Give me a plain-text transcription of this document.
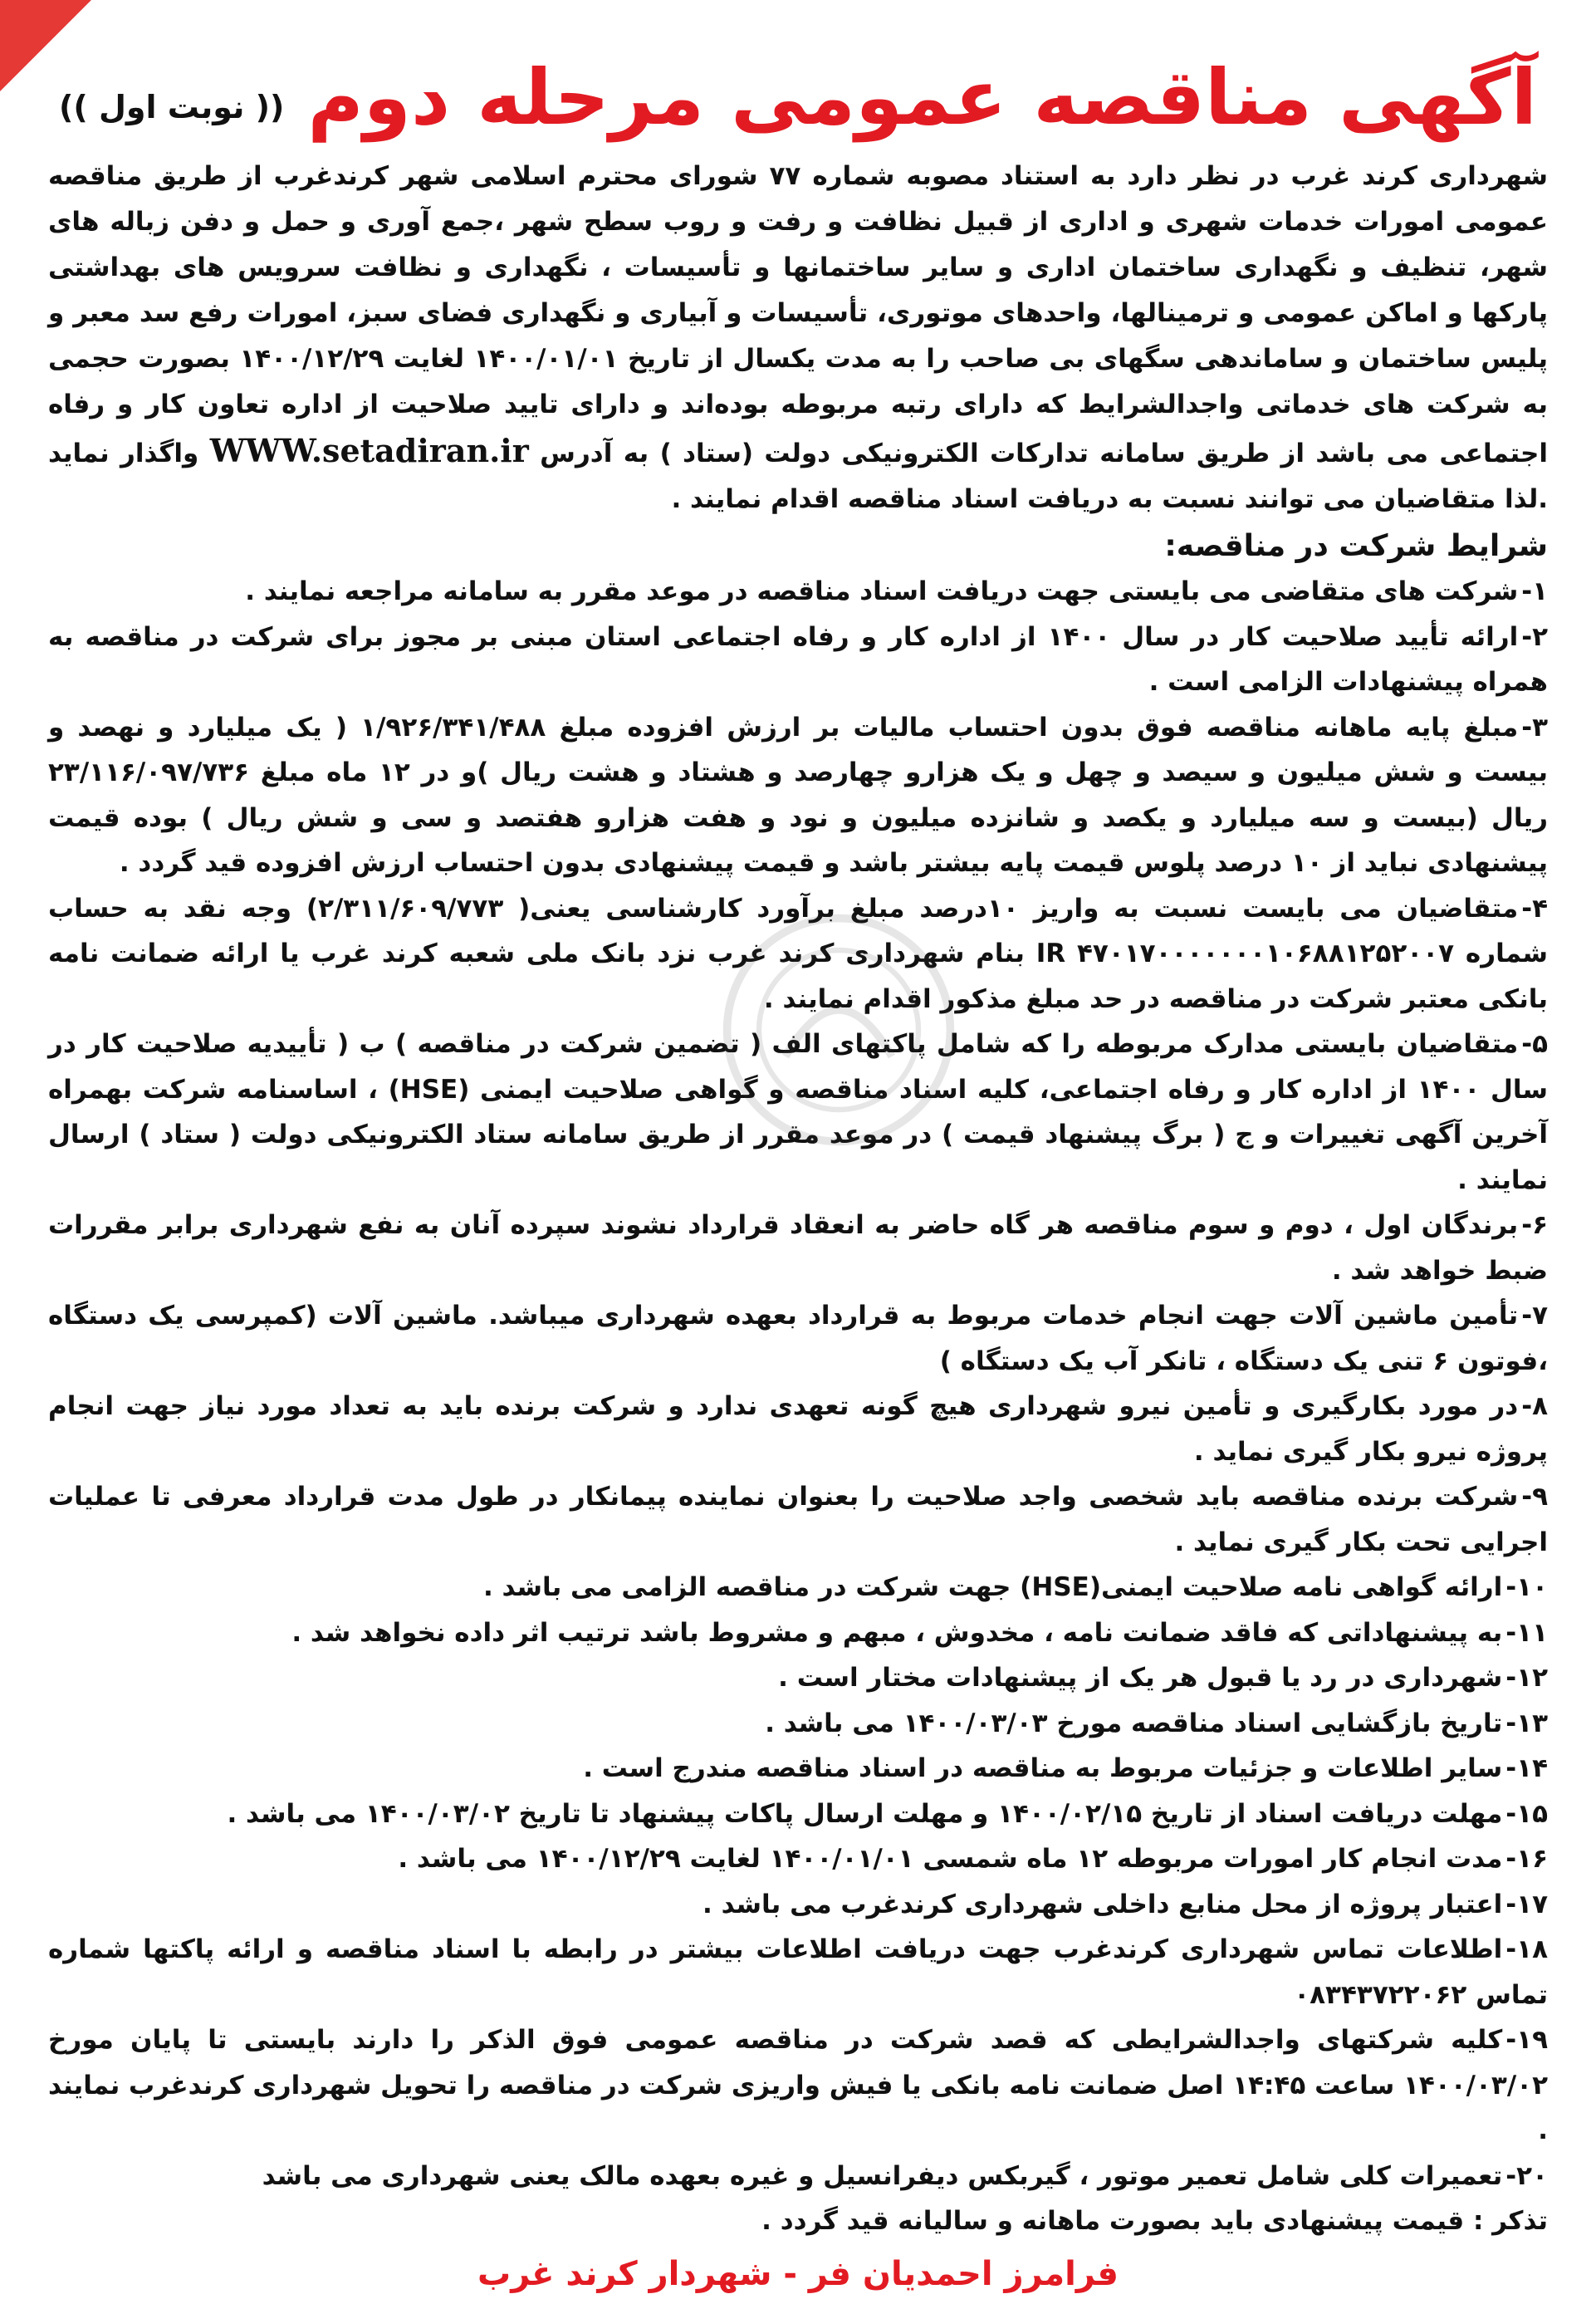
آگهی مناقصه عمومی مرحله دوم
(( نوبت اول ))

شهرداری کرند غرب در نظر دارد به استناد مصوبه شماره ۷۷ شورای محترم اسلامی شهر کرندغرب از طریق مناقصه عمومی امورات خدمات شهری و اداری از قبیل نظافت و رفت و روب سطح شهر ،جمع آوری و حمل و دفن زباله های شهر، تنظیف و نگهداری ساختمان اداری و سایر ساختمانها و تأسیسات ، نگهداری و نظافت سرویس های بهداشتی پارکها و اماکن عمومی و ترمینالها، واحدهای موتوری، تأسیسات و آبیاری و نگهداری فضای سبز، امورات رفع سد معبر و پلیس ساختمان و ساماندهی سگهای بی صاحب را به مدت یکسال از تاریخ ۱۴۰۰/۰۱/۰۱ لغایت ۱۴۰۰/۱۲/۲۹ بصورت حجمی به شرکت های خدماتی واجدالشرایط که دارای رتبه مربوطه بوده‌اند و دارای تایید صلاحیت از اداره تعاون کار و رفاه اجتماعی می باشد از طریق سامانه تدارکات الکترونیکی دولت (ستاد ) به آدرس WWW.setadiran.ir واگذار نماید .لذا متقاضیان می توانند نسبت به دریافت اسناد مناقصه اقدام نمایند .

شرایط شرکت در مناقصه:
۱-شرکت های متقاضی می بایستی جهت دریافت اسناد مناقصه در موعد مقرر به سامانه مراجعه نمایند .
۲-ارائه تأیید صلاحیت کار در سال ۱۴۰۰ از اداره کار و رفاه اجتماعی استان مبنی بر مجوز برای شرکت در مناقصه به همراه پیشنهادات الزامی است .
۳-مبلغ پایه ماهانه مناقصه فوق بدون احتساب مالیات بر ارزش افزوده مبلغ ۱/۹۲۶/۳۴۱/۴۸۸ ( یک میلیارد و نهصد و بیست و شش میلیون و سیصد و چهل و یک هزارو چهارصد و هشتاد و هشت ریال )و در ۱۲ ماه مبلغ ۲۳/۱۱۶/۰۹۷/۷۳۶ ریال (بیست و سه میلیارد و یکصد و شانزده میلیون و نود و هفت هزارو هفتصد و سی و شش ریال ) بوده قیمت پیشنهادی نباید از ۱۰ درصد پلوس قیمت پایه بیشتر باشد و قیمت پیشنهادی بدون احتساب ارزش افزوده قید گردد .
۴-متقاضیان می بایست نسبت به واریز ۱۰درصد مبلغ برآورد کارشناسی یعنی( ۲/۳۱۱/۶۰۹/۷۷۳) وجه نقد به حساب شماره IR ۴۷۰۱۷۰۰۰۰۰۰۰۱۰۶۸۸۱۲۵۲۰۰۷ بنام شهرداری کرند غرب نزد بانک ملی شعبه کرند غرب یا ارائه ضمانت نامه بانکی معتبر شرکت در مناقصه در حد مبلغ مذکور اقدام نمایند .
۵-متقاضیان بایستی مدارک مربوطه را که شامل پاکتهای الف ( تضمین شرکت در مناقصه ) ب ( تأییدیه صلاحیت کار در سال ۱۴۰۰ از اداره کار و رفاه اجتماعی، کلیه اسناد مناقصه و گواهی صلاحیت ایمنی (HSE) ، اساسنامه شرکت بهمراه آخرین آگهی تغییرات و ج ( برگ پیشنهاد قیمت ) در موعد مقرر از طریق سامانه ستاد الکترونیکی دولت ( ستاد ) ارسال نمایند .
۶-برندگان اول ، دوم و سوم مناقصه هر گاه حاضر به انعقاد قرارداد نشوند سپرده آنان به نفع شهرداری برابر مقررات ضبط خواهد شد .
۷-تأمین ماشین آلات جهت انجام خدمات مربوط به قرارداد بعهده شهرداری میباشد. ماشین آلات (کمپرسی یک دستگاه ،فوتون ۶ تنی یک دستگاه ، تانکر آب یک دستگاه )
۸-در مورد بکارگیری و تأمین نیرو شهرداری هیچ گونه تعهدی ندارد و شرکت برنده باید به تعداد مورد نیاز جهت انجام پروژه نیرو بکار گیری نماید .
۹-شرکت برنده مناقصه باید شخصی واجد صلاحیت را بعنوان نماینده پیمانکار در طول مدت قرارداد معرفی تا عملیات اجرایی تحت بکار گیری نماید .
۱۰-ارائه گواهی نامه صلاحیت ایمنی(HSE) جهت شرکت در مناقصه الزامی می باشد .
۱۱-به پیشنهاداتی که فاقد ضمانت نامه ، مخدوش ، مبهم و مشروط باشد ترتیب اثر داده نخواهد شد .
۱۲-شهرداری در رد یا قبول هر یک از پیشنهادات مختار است .
۱۳-تاریخ بازگشایی اسناد مناقصه مورخ ۱۴۰۰/۰۳/۰۳ می باشد .
۱۴-سایر اطلاعات و جزئیات مربوط به مناقصه در اسناد مناقصه مندرج است .
۱۵-مهلت دریافت اسناد از تاریخ ۱۴۰۰/۰۲/۱۵ و مهلت ارسال پاکات پیشنهاد تا تاریخ ۱۴۰۰/۰۳/۰۲ می باشد .
۱۶-مدت انجام کار امورات مربوطه ۱۲ ماه شمسی ۱۴۰۰/۰۱/۰۱ لغایت ۱۴۰۰/۱۲/۲۹ می باشد .
۱۷-اعتبار پروژه از محل منابع داخلی شهرداری کرندغرب می باشد .
۱۸-اطلاعات تماس شهرداری کرندغرب جهت دریافت اطلاعات بیشتر در رابطه با اسناد مناقصه و ارائه پاکتها شماره تماس ۰۸۳۴۳۷۲۲۰۶۲
۱۹-کلیه شرکتهای واجدالشرایطی که قصد شرکت در مناقصه عمومی فوق الذکر را دارند بایستی تا پایان مورخ ۱۴۰۰/۰۳/۰۲ ساعت ۱۴:۴۵ اصل ضمانت نامه بانکی یا فیش واریزی شرکت در مناقصه را تحویل شهرداری کرندغرب نمایند .
۲۰-تعمیرات کلی شامل تعمیر موتور ، گیربکس دیفرانسیل و غیره بعهده مالک یعنی شهرداری می باشد

تذکر : قیمت پیشنهادی باید بصورت ماهانه و سالیانه قید گردد .

فرامرز احمدیان فر - شهردار کرند غرب
